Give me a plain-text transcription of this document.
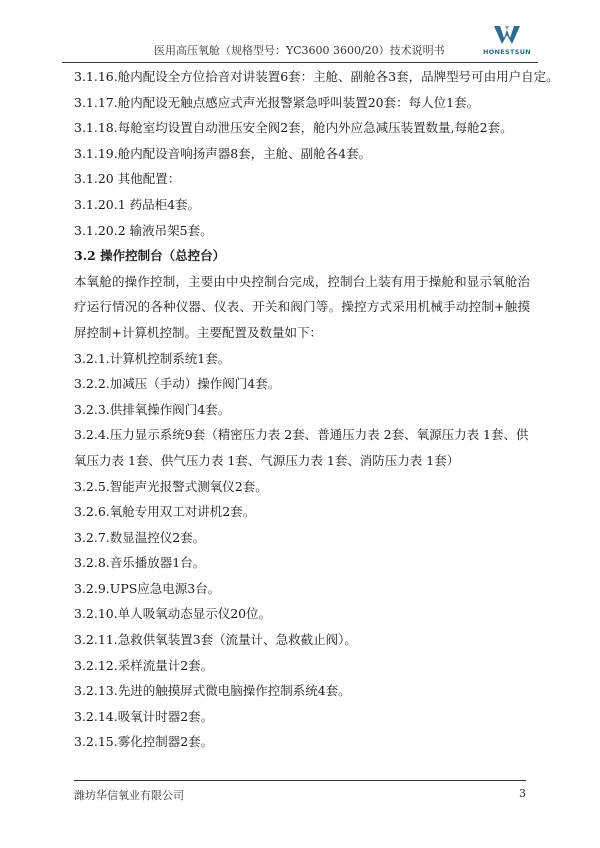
医用高压氧舱（规格型号：YC3600 3600/20）技术说明书	HONESTSUN
3.1.16.舱内配设全方位拾音对讲装置6套：主舱、副舱各3套，品牌型号可由用户自定。
3.1.17.舱内配设无触点感应式声光报警紧急呼叫装置20套：每人位1套。
3.1.18.每舱室均设置自动泄压安全阀2套，舱内外应急减压装置数量,每舱2套。
3.1.19.舱内配设音响扬声器8套，主舱、副舱各4套。
3.1.20 其他配置：
3.1.20.1 药品柜4套。
3.1.20.2 输液吊架5套。
3.2 操作控制台（总控台）

本氧舱的操作控制，主要由中央控制台完成，控制台上装有用于操舱和显示氧舱治疗运行情况的各种仪器、仪表、开关和阀门等。操控方式采用机械手动控制+触摸屏控制+计算机控制。主要配置及数量如下：

3.2.1.计算机控制系统1套。
3.2.2.加减压（手动）操作阀门4套。
3.2.3.供排氧操作阀门4套。
3.2.4.压力显示系统9套（精密压力表 2套、普通压力表 2套、氧源压力表 1套、供
氧压力表 1套、供气压力表 1套、气源压力表 1套、消防压力表 1套）
3.2.5.智能声光报警式测氧仪2套。
3.2.6.氧舱专用双工对讲机2套。
3.2.7.数显温控仪2套。
3.2.8.音乐播放器1台。
3.2.9.UPS应急电源3台。
3.2.10.单人吸氧动态显示仪20位。
3.2.11.急救供氧装置3套（流量计、急救截止阀）。
3.2.12.采样流量计2套。
3.2.13.先进的触摸屏式微电脑操作控制系统4套。
3.2.14.吸氧计时器2套。
3.2.15.雾化控制器2套。
潍坊华信氧业有限公司	3
